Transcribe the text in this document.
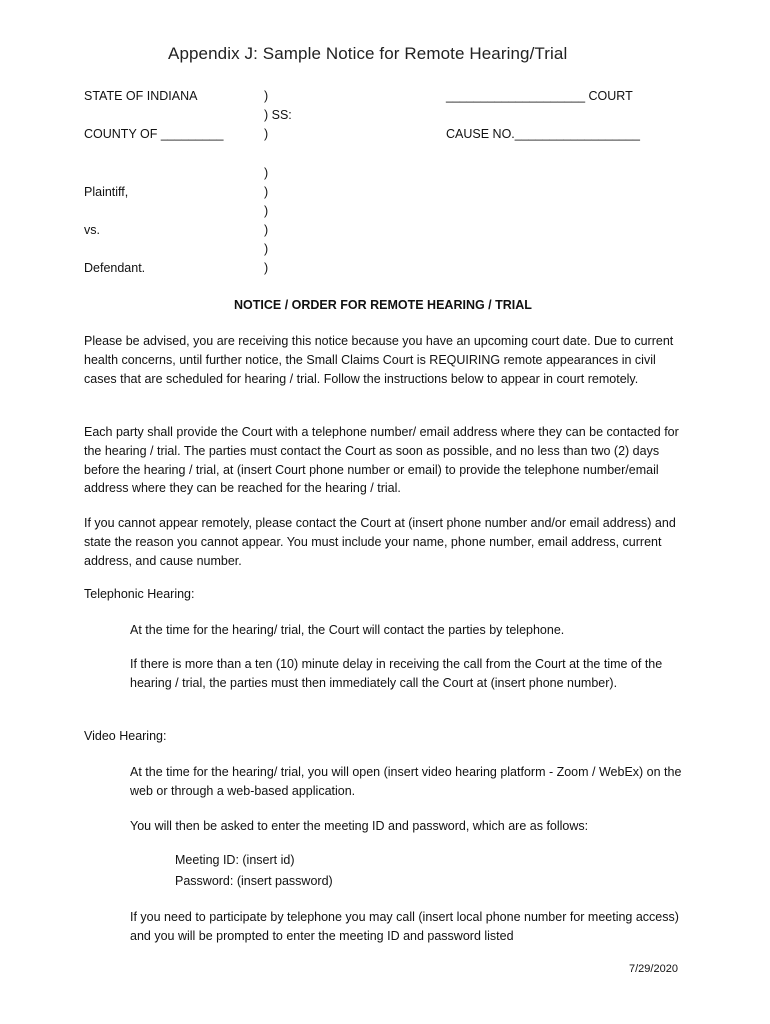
Appendix J: Sample Notice for Remote Hearing/Trial
STATE OF INDIANA
COUNTY OF _________
)
) SS:
)
____________________ COURT
CAUSE NO.__________________
)
)
)
)
)
)
Plaintiff,
vs.
Defendant.
NOTICE / ORDER FOR REMOTE HEARING / TRIAL

Please be advised, you are receiving this notice because you have an upcoming court date. Due to current health concerns, until further notice, the Small Claims Court is REQUIRING remote appearances in civil cases that are scheduled for hearing / trial. Follow the instructions below to appear in court remotely.

Each party shall provide the Court with a telephone number/ email address where they can be contacted for the hearing / trial. The parties must contact the Court as soon as possible, and no less than two (2) days before the hearing / trial, at (insert Court phone number or email) to provide the telephone number/email address where they can be reached for the hearing / trial.

If you cannot appear remotely, please contact the Court at (insert phone number and/or email address) and state the reason you cannot appear. You must include your name, phone number, email address, current address, and cause number.

Telephonic Hearing:

At the time for the hearing/ trial, the Court will contact the parties by telephone.

If there is more than a ten (10) minute delay in receiving the call from the Court at the time of the hearing / trial, the parties must then immediately call the Court at (insert phone number).

Video Hearing:

At the time for the hearing/ trial, you will open (insert video hearing platform - Zoom / WebEx) on the web or through a web-based application.

You will then be asked to enter the meeting ID and password, which are as follows:

Meeting ID: (insert id)
Password: (insert password)

If you need to participate by telephone you may call (insert local phone number for meeting access) and you will be prompted to enter the meeting ID and password listed

7/29/2020
